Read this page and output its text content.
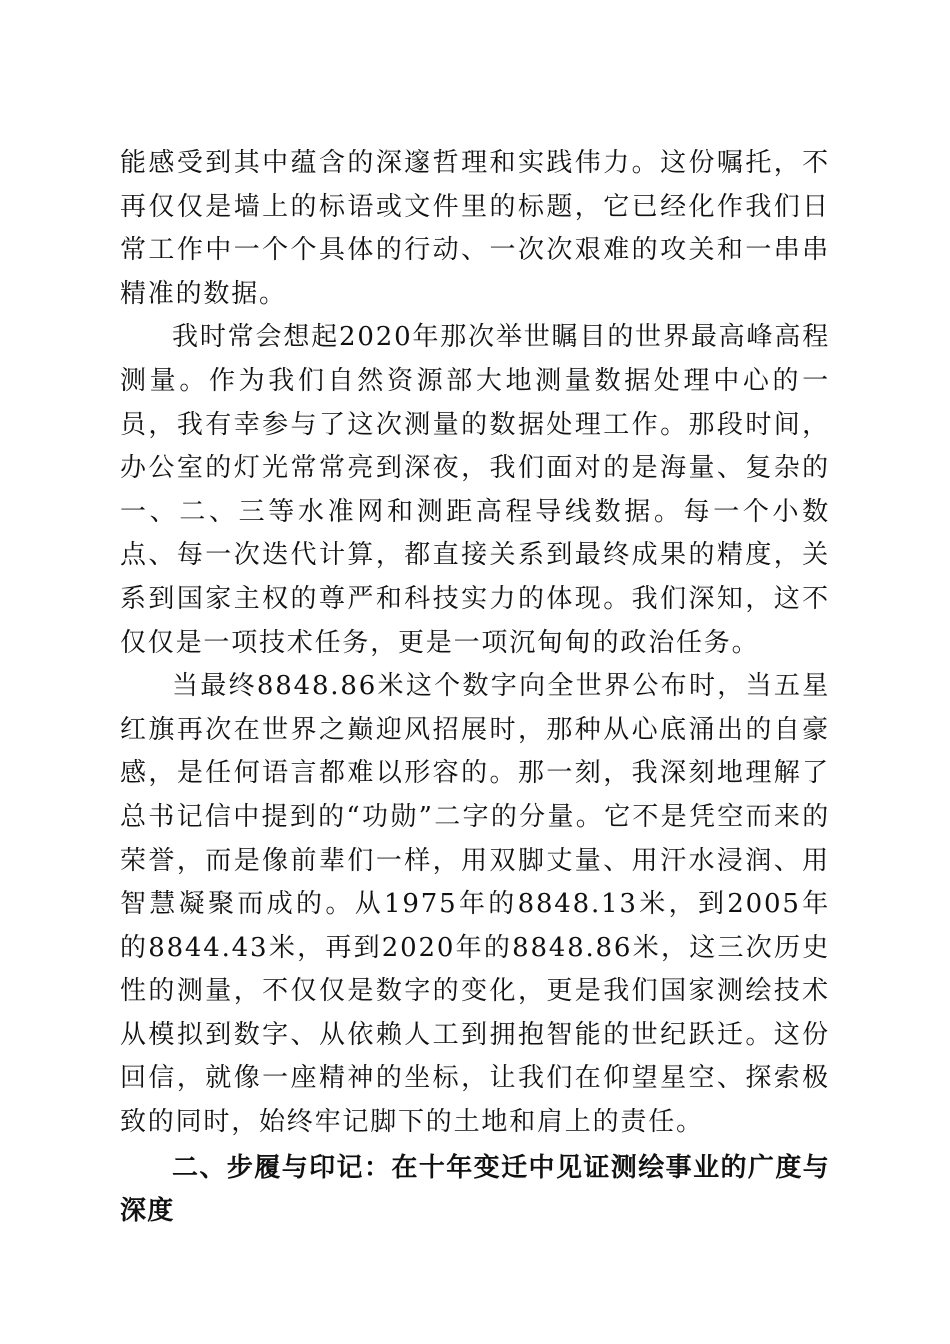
能感受到其中蕴含的深邃哲理和实践伟力。这份嘱托，不再仅仅是墙上的标语或文件里的标题，它已经化作我们日常工作中一个个具体的行动、一次次艰难的攻关和一串串精准的数据。

我时常会想起2020年那次举世瞩目的世界最高峰高程测量。作为我们自然资源部大地测量数据处理中心的一员，我有幸参与了这次测量的数据处理工作。那段时间，办公室的灯光常常亮到深夜，我们面对的是海量、复杂的一、二、三等水准网和测距高程导线数据。每一个小数点、每一次迭代计算，都直接关系到最终成果的精度，关系到国家主权的尊严和科技实力的体现。我们深知，这不仅仅是一项技术任务，更是一项沉甸甸的政治任务。

当最终8848.86米这个数字向全世界公布时，当五星红旗再次在世界之巅迎风招展时，那种从心底涌出的自豪感，是任何语言都难以形容的。那一刻，我深刻地理解了总书记信中提到的“功勋”二字的分量。它不是凭空而来的荣誉，而是像前辈们一样，用双脚丈量、用汗水浸润、用智慧凝聚而成的。从1975年的8848.13米，到2005年的8844.43米，再到2020年的8848.86米，这三次历史性的测量，不仅仅是数字的变化，更是我们国家测绘技术从模拟到数字、从依赖人工到拥抱智能的世纪跃迁。这份回信，就像一座精神的坐标，让我们在仰望星空、探索极致的同时，始终牢记脚下的土地和肩上的责任。

二、步履与印记：在十年变迁中见证测绘事业的广度与深度
